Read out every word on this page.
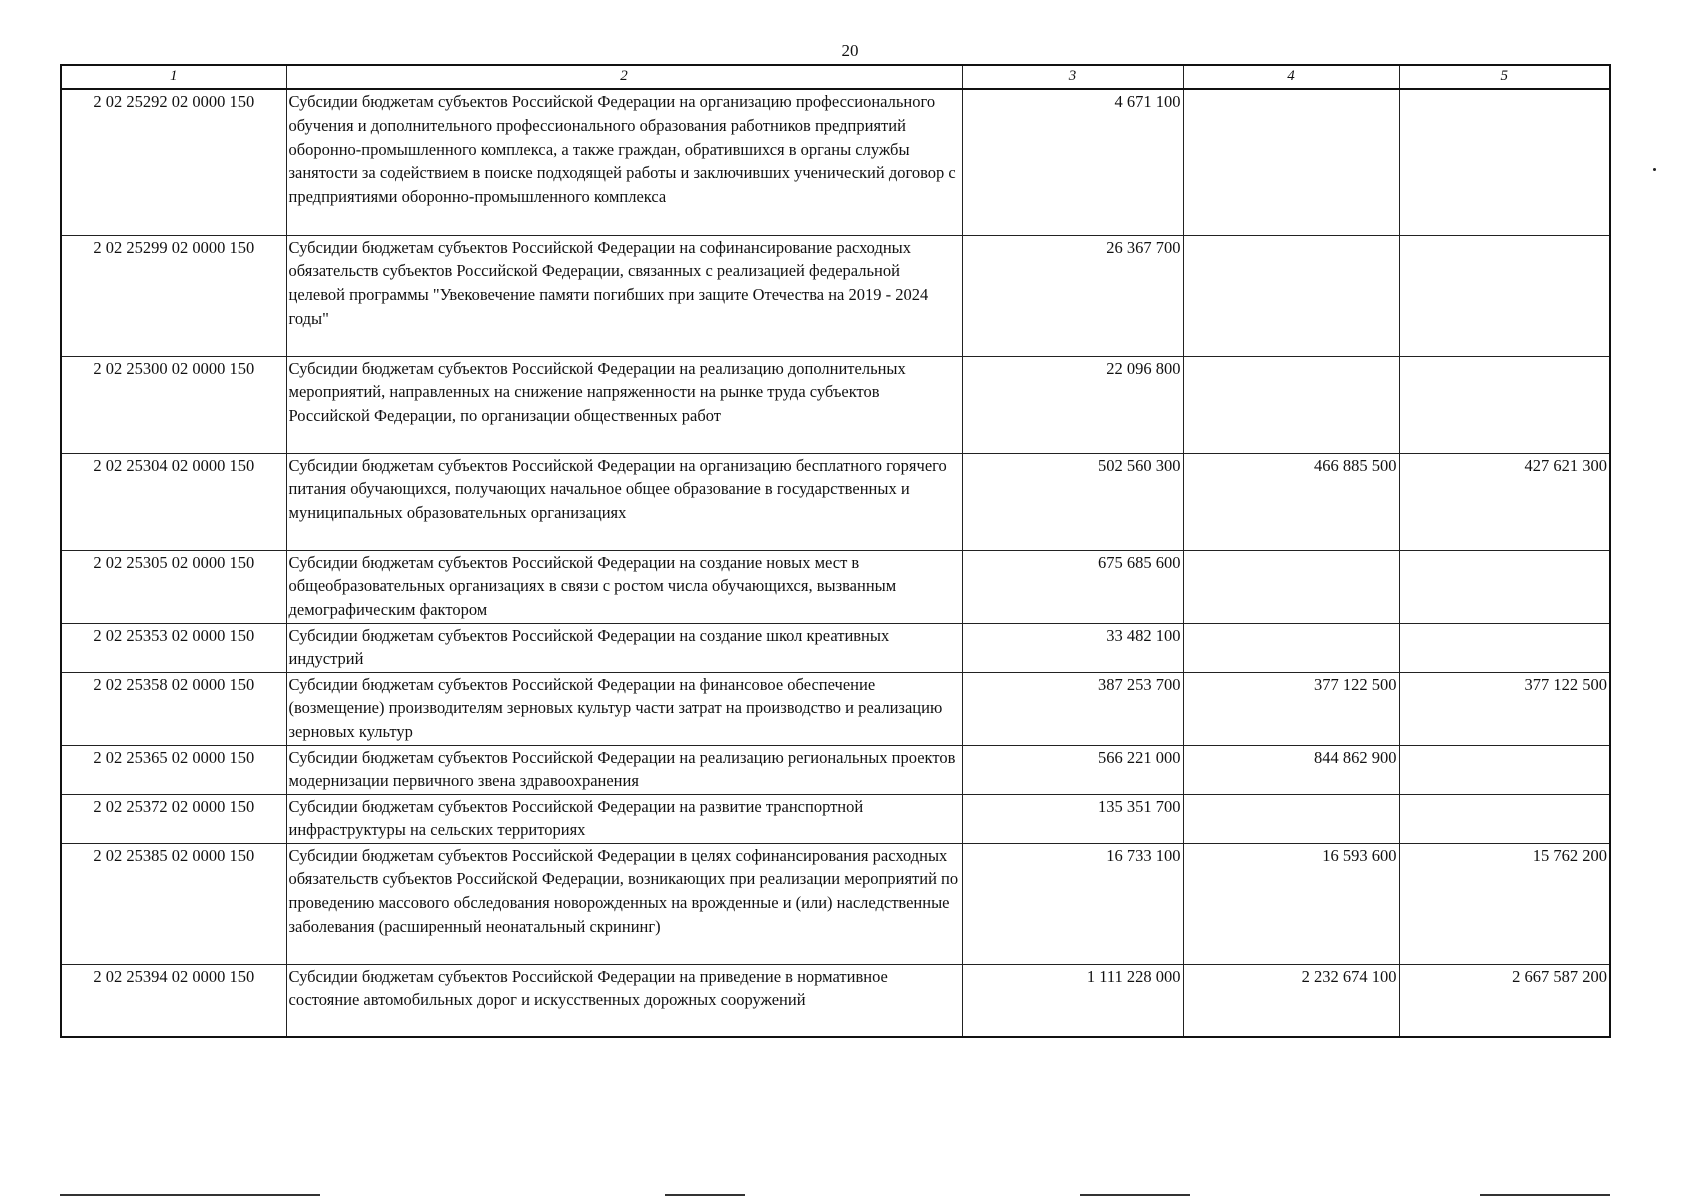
20
1	2	3	4	5
2 02 25292 02 0000 150	Субсидии бюджетам субъектов Российской Федерации на организацию профессионального обучения и дополнительного профессионального образования работников предприятий оборонно-промышленного комплекса, а также граждан, обратившихся в органы службы занятости за содействием в поиске подходящей работы и заключивших ученический договор с предприятиями оборонно-промышленного комплекса	4 671 100		
2 02 25299 02 0000 150	Субсидии бюджетам субъектов Российской Федерации на софинансирование расходных обязательств субъектов Российской Федерации, связанных с реализацией федеральной целевой программы "Увековечение памяти погибших при защите Отечества на 2019 - 2024 годы"	26 367 700		
2 02 25300 02 0000 150	Субсидии бюджетам субъектов Российской Федерации на реализацию дополнительных мероприятий, направленных на снижение напряженности на рынке труда субъектов Российской Федерации, по организации общественных работ	22 096 800		
2 02 25304 02 0000 150	Субсидии бюджетам субъектов Российской Федерации на организацию бесплатного горячего питания обучающихся, получающих начальное общее образование в государственных и муниципальных образовательных организациях	502 560 300	466 885 500	427 621 300
2 02 25305 02 0000 150	Субсидии бюджетам субъектов Российской Федерации на создание новых мест в общеобразовательных организациях в связи с ростом числа обучающихся, вызванным демографическим фактором	675 685 600		
2 02 25353 02 0000 150	Субсидии бюджетам субъектов Российской Федерации на создание школ креативных индустрий	33 482 100		
2 02 25358 02 0000 150	Субсидии бюджетам субъектов Российской Федерации на финансовое обеспечение (возмещение) производителям зерновых культур части затрат на производство и реализацию зерновых культур	387 253 700	377 122 500	377 122 500
2 02 25365 02 0000 150	Субсидии бюджетам субъектов Российской Федерации на реализацию региональных проектов модернизации первичного звена здравоохранения	566 221 000	844 862 900	
2 02 25372 02 0000 150	Субсидии бюджетам субъектов Российской Федерации на развитие транспортной инфраструктуры на сельских территориях	135 351 700		
2 02 25385 02 0000 150	Субсидии бюджетам субъектов Российской Федерации в целях софинансирования расходных обязательств субъектов Российской Федерации, возникающих при реализации мероприятий по проведению массового обследования новорожденных на врожденные и (или) наследственные заболевания (расширенный неонатальный скрининг)	16 733 100	16 593 600	15 762 200
2 02 25394 02 0000 150	Субсидии бюджетам субъектов Российской Федерации на приведение в нормативное состояние автомобильных дорог и искусственных дорожных сооружений	1 111 228 000	2 232 674 100	2 667 587 200
